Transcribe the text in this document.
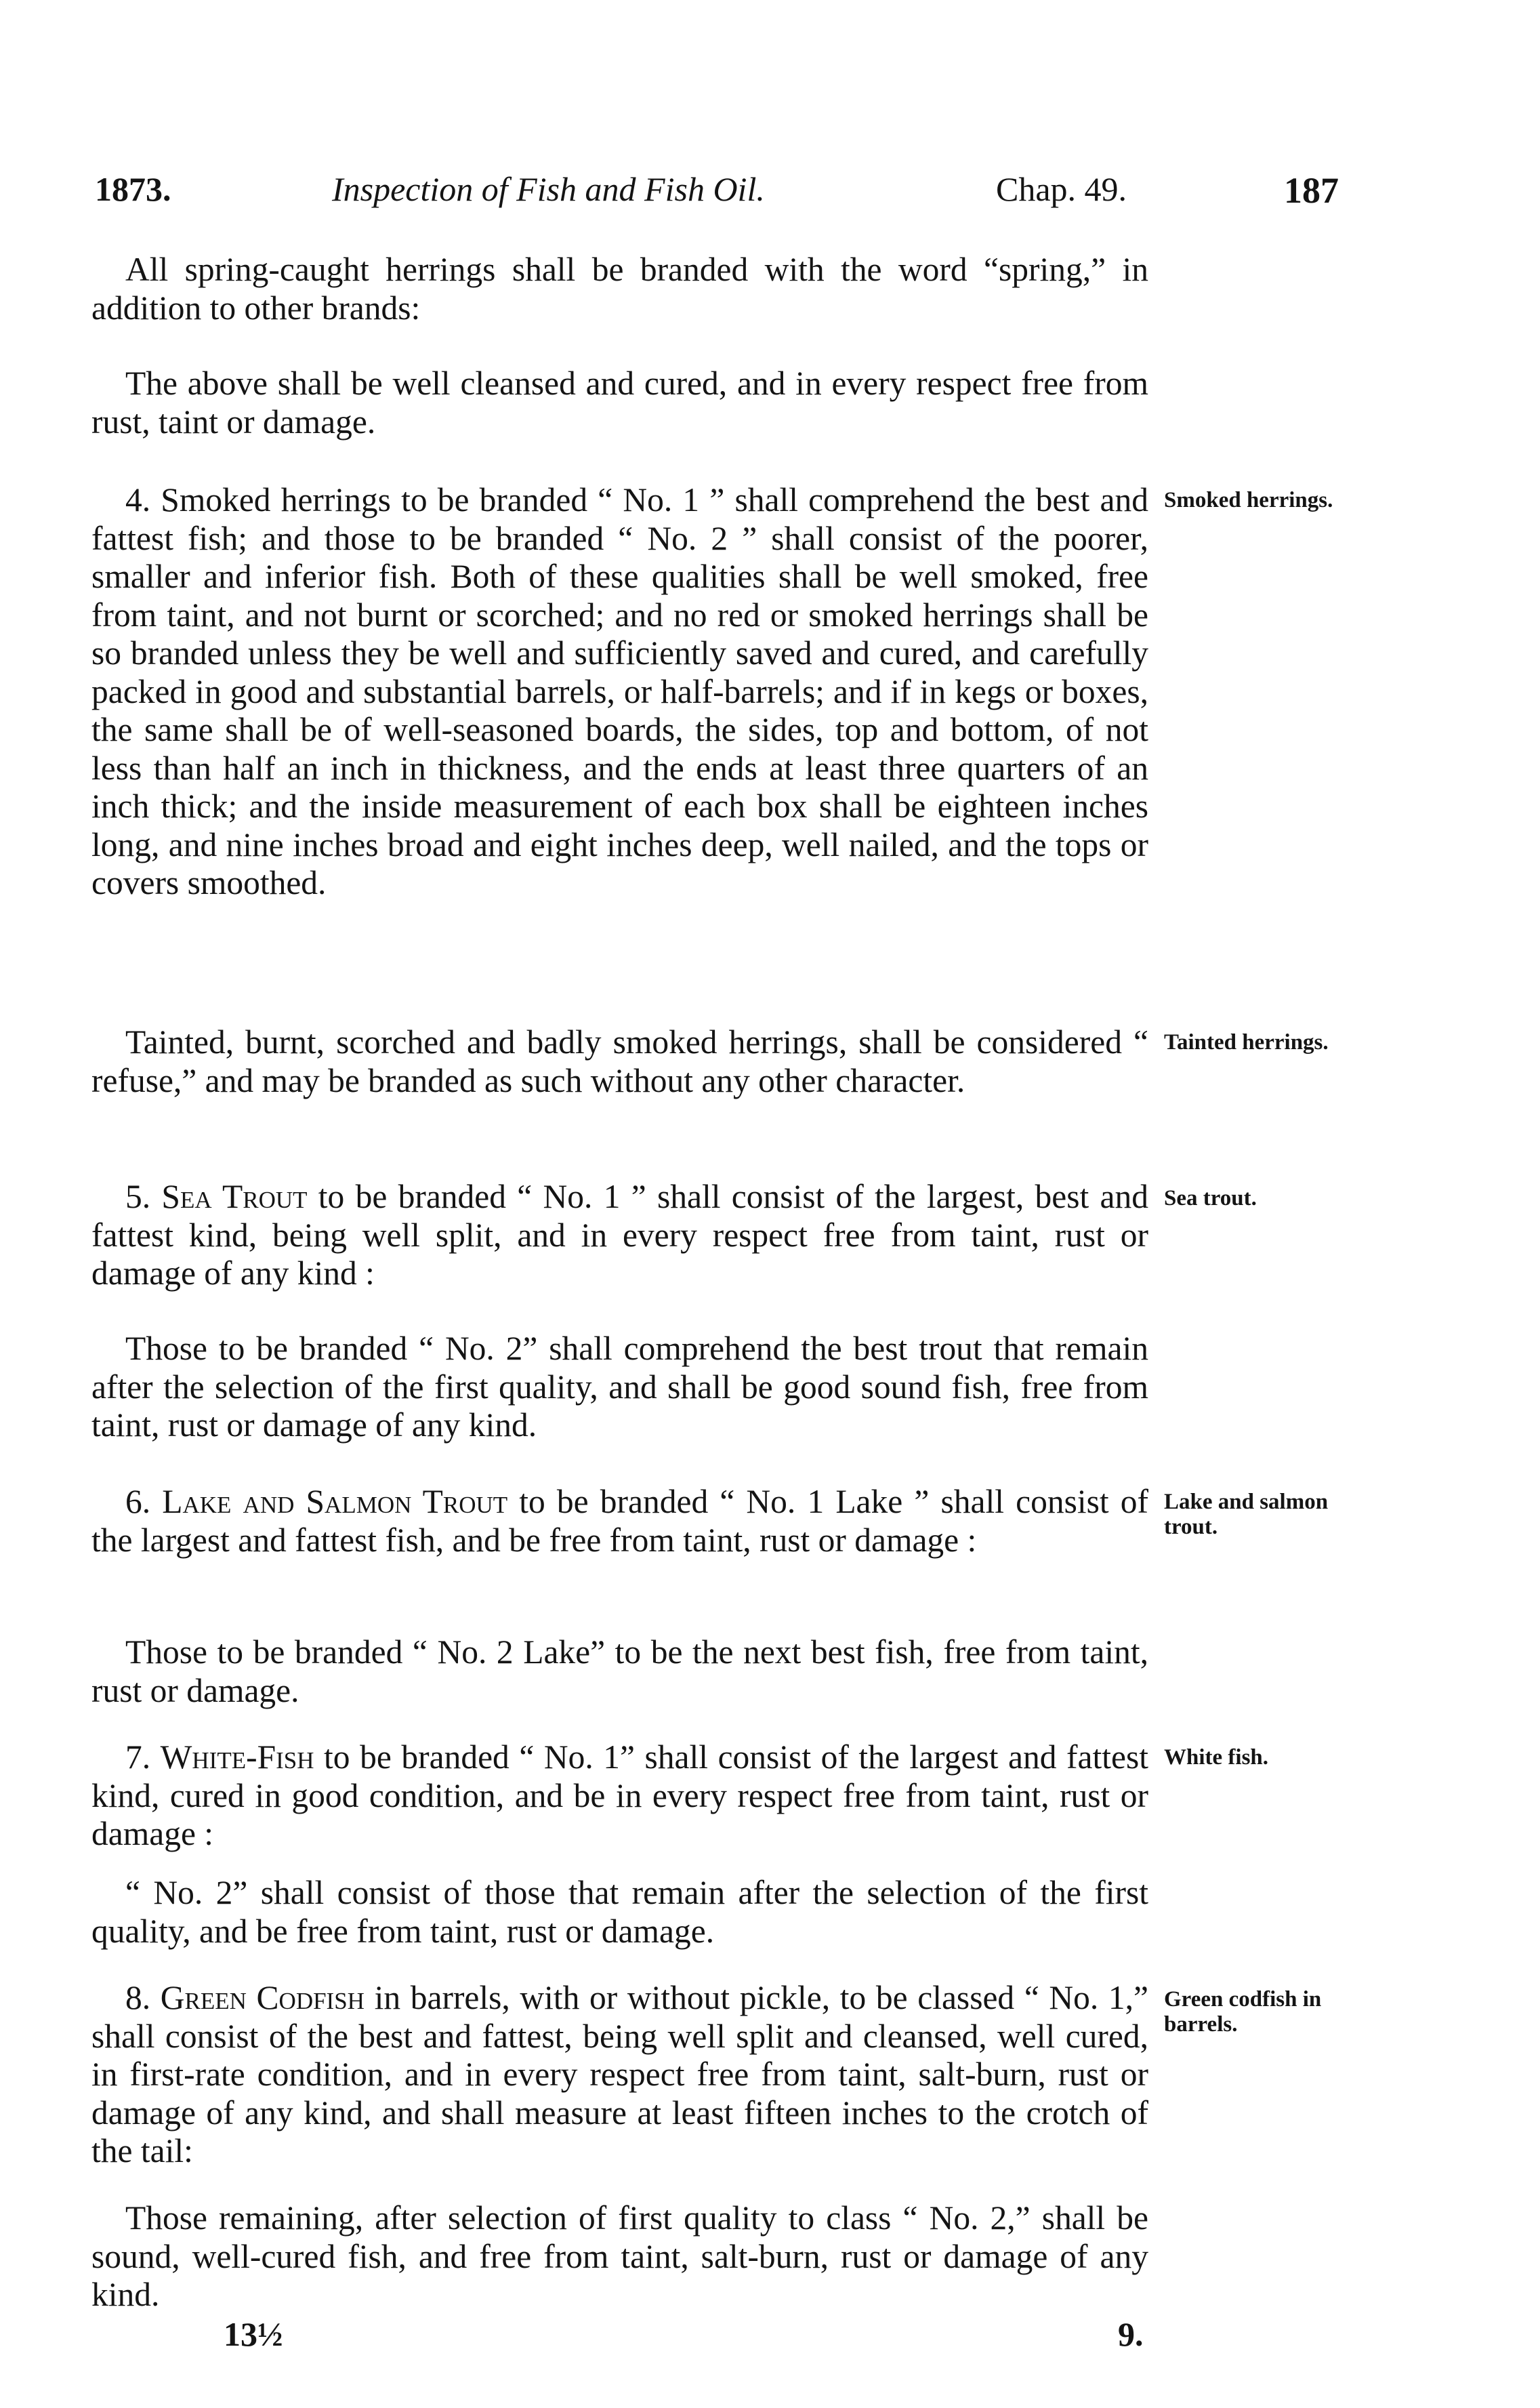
1873.	Inspection of Fish and Fish Oil.	Chap. 49.	187

All spring-caught herrings shall be branded with the word “spring,” in addition to other brands:

The above shall be well cleansed and cured, and in every respect free from rust, taint or damage.

4. Smoked herrings to be branded “ No. 1 ” shall comprehend the best and fattest fish; and those to be branded “ No. 2 ” shall consist of the poorer, smaller and inferior fish. Both of these qualities shall be well smoked, free from taint, and not burnt or scorched; and no red or smoked herrings shall be so branded unless they be well and sufficiently saved and cured, and carefully packed in good and substantial barrels, or half-barrels; and if in kegs or boxes, the same shall be of well-seasoned boards, the sides, top and bottom, of not less than half an inch in thickness, and the ends at least three quarters of an inch thick; and the inside measurement of each box shall be eighteen inches long, and nine inches broad and eight inches deep, well nailed, and the tops or covers smoothed.

Smoked herrings.

Tainted, burnt, scorched and badly smoked herrings, shall be considered “ refuse,” and may be branded as such without any other character.

Tainted herrings.

5. Sea Trout to be branded “ No. 1 ” shall consist of the largest, best and fattest kind, being well split, and in every respect free from taint, rust or damage of any kind :

Sea trout.

Those to be branded “ No. 2” shall comprehend the best trout that remain after the selection of the first quality, and shall be good sound fish, free from taint, rust or damage of any kind.

6. Lake and Salmon Trout to be branded “ No. 1 Lake ” shall consist of the largest and fattest fish, and be free from taint, rust or damage :

Lake and salmon trout.

Those to be branded “ No. 2 Lake” to be the next best fish, free from taint, rust or damage.

7. White-Fish to be branded “ No. 1” shall consist of the largest and fattest kind, cured in good condition, and be in every respect free from taint, rust or damage :

White fish.

“ No. 2” shall consist of those that remain after the selection of the first quality, and be free from taint, rust or damage.

8. Green Codfish in barrels, with or without pickle, to be classed “ No. 1,” shall consist of the best and fattest, being well split and cleansed, well cured, in first-rate condition, and in every respect free from taint, salt-burn, rust or damage of any kind, and shall measure at least fifteen inches to the crotch of the tail:

Green codfish in barrels.

Those remaining, after selection of first quality to class “ No. 2,” shall be sound, well-cured fish, and free from taint, salt-burn, rust or damage of any kind.

13½	9.
